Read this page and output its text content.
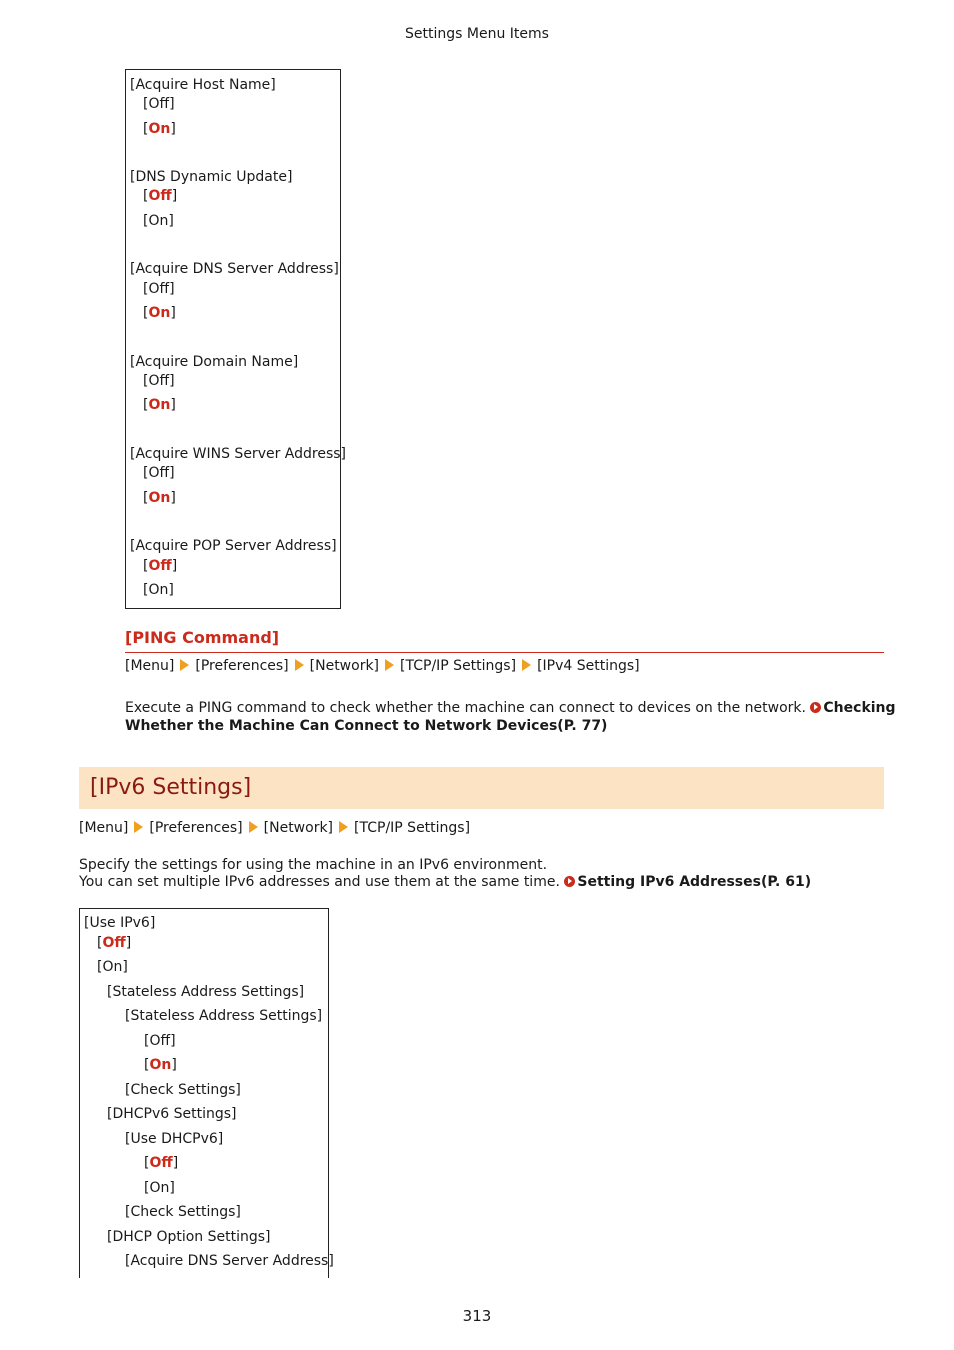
Settings Menu Items
[Acquire Host Name]
[Off]
[On]
[DNS Dynamic Update]
[Off]
[On]
[Acquire DNS Server Address]
[Off]
[On]
[Acquire Domain Name]
[Off]
[On]
[Acquire WINS Server Address]
[Off]
[On]
[Acquire POP Server Address]
[Off]
[On]
[PING Command]
[Menu] [Preferences] [Network] [TCP/IP Settings] [IPv4 Settings]
Execute a PING command to check whether the machine can connect to devices on the network. Checking
Whether the Machine Can Connect to Network Devices(P. 77)
[IPv6 Settings]
[Menu] [Preferences] [Network] [TCP/IP Settings]
Specify the settings for using the machine in an IPv6 environment.
You can set multiple IPv6 addresses and use them at the same time. Setting IPv6 Addresses(P. 61)
[Use IPv6]
[Off]
[On]
[Stateless Address Settings]
[Stateless Address Settings]
[Off]
[On]
[Check Settings]
[DHCPv6 Settings]
[Use DHCPv6]
[Off]
[On]
[Check Settings]
[DHCP Option Settings]
[Acquire DNS Server Address]
313
